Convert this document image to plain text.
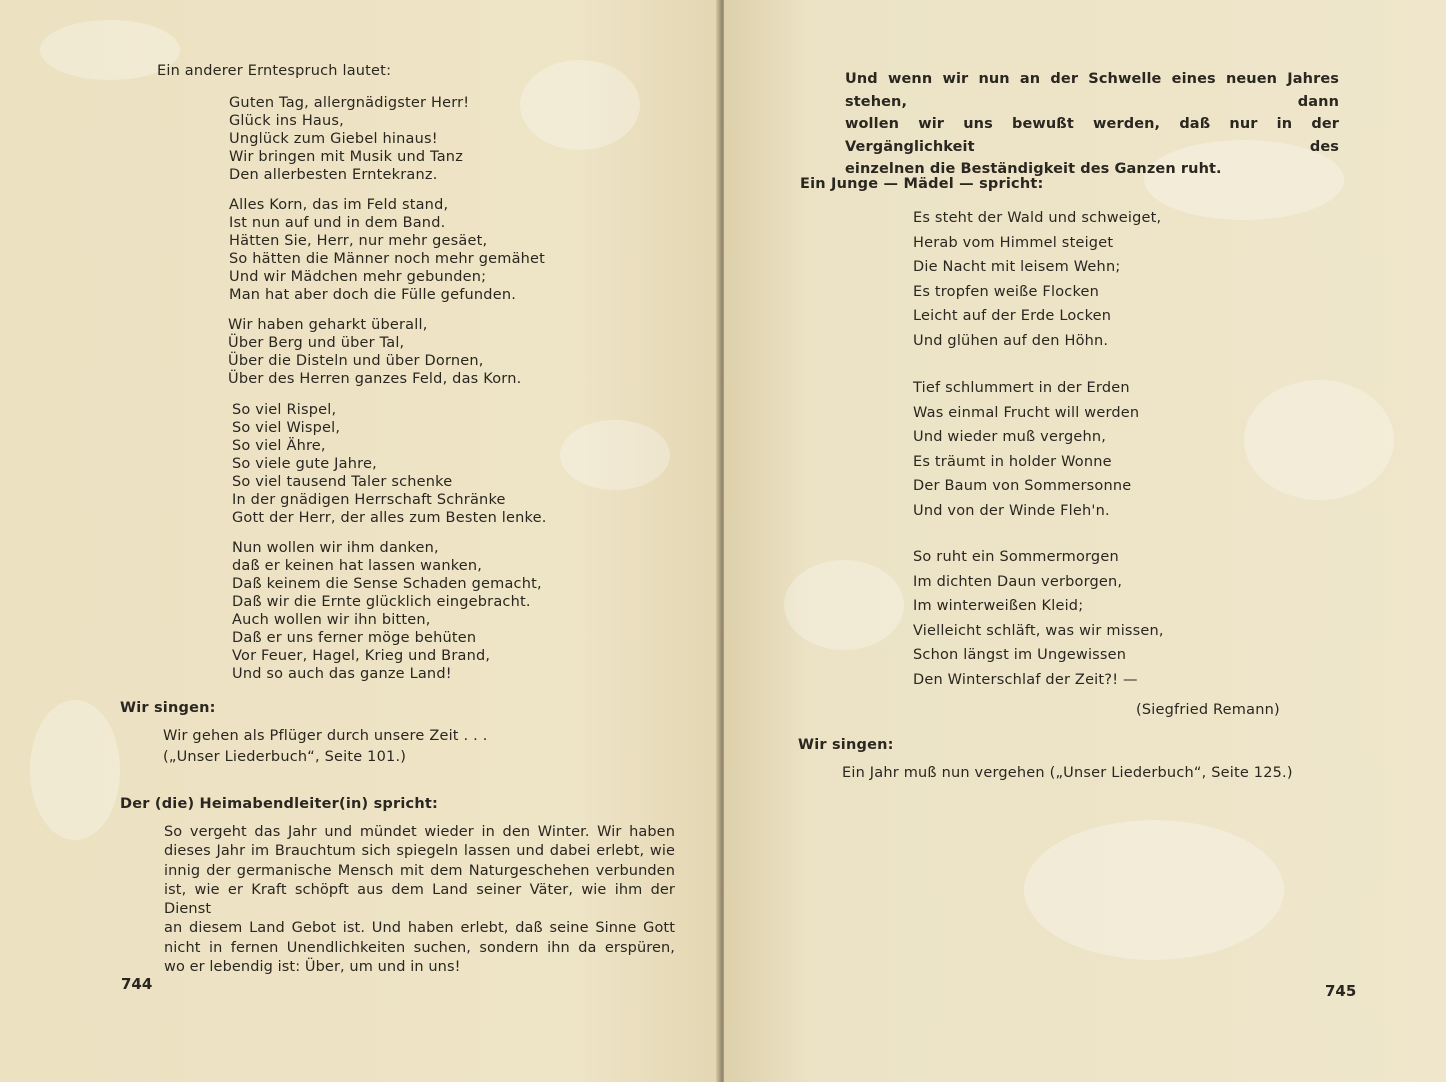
Ein anderer Erntespruch lautet:
Guten Tag, allergnädigster Herr!
Glück ins Haus,
Unglück zum Giebel hinaus!
Wir bringen mit Musik und Tanz
Den allerbesten Erntekranz.
Alles Korn, das im Feld stand,
Ist nun auf und in dem Band.
Hätten Sie, Herr, nur mehr gesäet,
So hätten die Männer noch mehr gemähet
Und wir Mädchen mehr gebunden;
Man hat aber doch die Fülle gefunden.
Wir haben geharkt überall,
Über Berg und über Tal,
Über die Disteln und über Dornen,
Über des Herren ganzes Feld, das Korn.
So viel Rispel,
So viel Wispel,
So viel Ähre,
So viele gute Jahre,
So viel tausend Taler schenke
In der gnädigen Herrschaft Schränke
Gott der Herr, der alles zum Besten lenke.
Nun wollen wir ihm danken,
daß er keinen hat lassen wanken,
Daß keinem die Sense Schaden gemacht,
Daß wir die Ernte glücklich eingebracht.
Auch wollen wir ihn bitten,
Daß er uns ferner möge behüten
Vor Feuer, Hagel, Krieg und Brand,
Und so auch das ganze Land!
Wir singen:
Wir gehen als Pflüger durch unsere Zeit . . .
(„Unser Liederbuch“, Seite 101.)
Der (die) Heimabendleiter(in) spricht:
So vergeht das Jahr und mündet wieder in den Winter. Wir haben
dieses Jahr im Brauchtum sich spiegeln lassen und dabei erlebt, wie
innig der germanische Mensch mit dem Naturgeschehen verbunden
ist, wie er Kraft schöpft aus dem Land seiner Väter, wie ihm der Dienst
an diesem Land Gebot ist. Und haben erlebt, daß seine Sinne Gott
nicht in fernen Unendlichkeiten suchen, sondern ihn da erspüren,
wo er lebendig ist: Über, um und in uns!
744
Und wenn wir nun an der Schwelle eines neuen Jahres stehen, dann
wollen wir uns bewußt werden, daß nur in der Vergänglichkeit des
einzelnen die Beständigkeit des Ganzen ruht.
Ein Junge — Mädel — spricht:
Es steht der Wald und schweiget,
Herab vom Himmel steiget
Die Nacht mit leisem Wehn;
Es tropfen weiße Flocken
Leicht auf der Erde Locken
Und glühen auf den Höhn.
Tief schlummert in der Erden
Was einmal Frucht will werden
Und wieder muß vergehn,
Es träumt in holder Wonne
Der Baum von Sommersonne
Und von der Winde Fleh'n.
So ruht ein Sommermorgen
Im dichten Daun verborgen,
Im winterweißen Kleid;
Vielleicht schläft, was wir missen,
Schon längst im Ungewissen
Den Winterschlaf der Zeit?! —
(Siegfried Remann)
Wir singen:
Ein Jahr muß nun vergehen („Unser Liederbuch“, Seite 125.)
745
